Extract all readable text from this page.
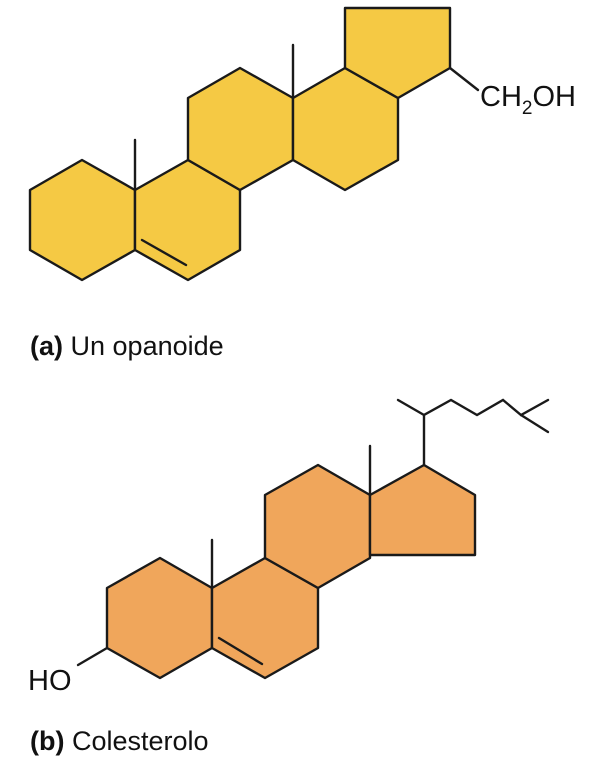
$CH_2OH$
HO
(a) Un opanoide
(b) Colesterolo
